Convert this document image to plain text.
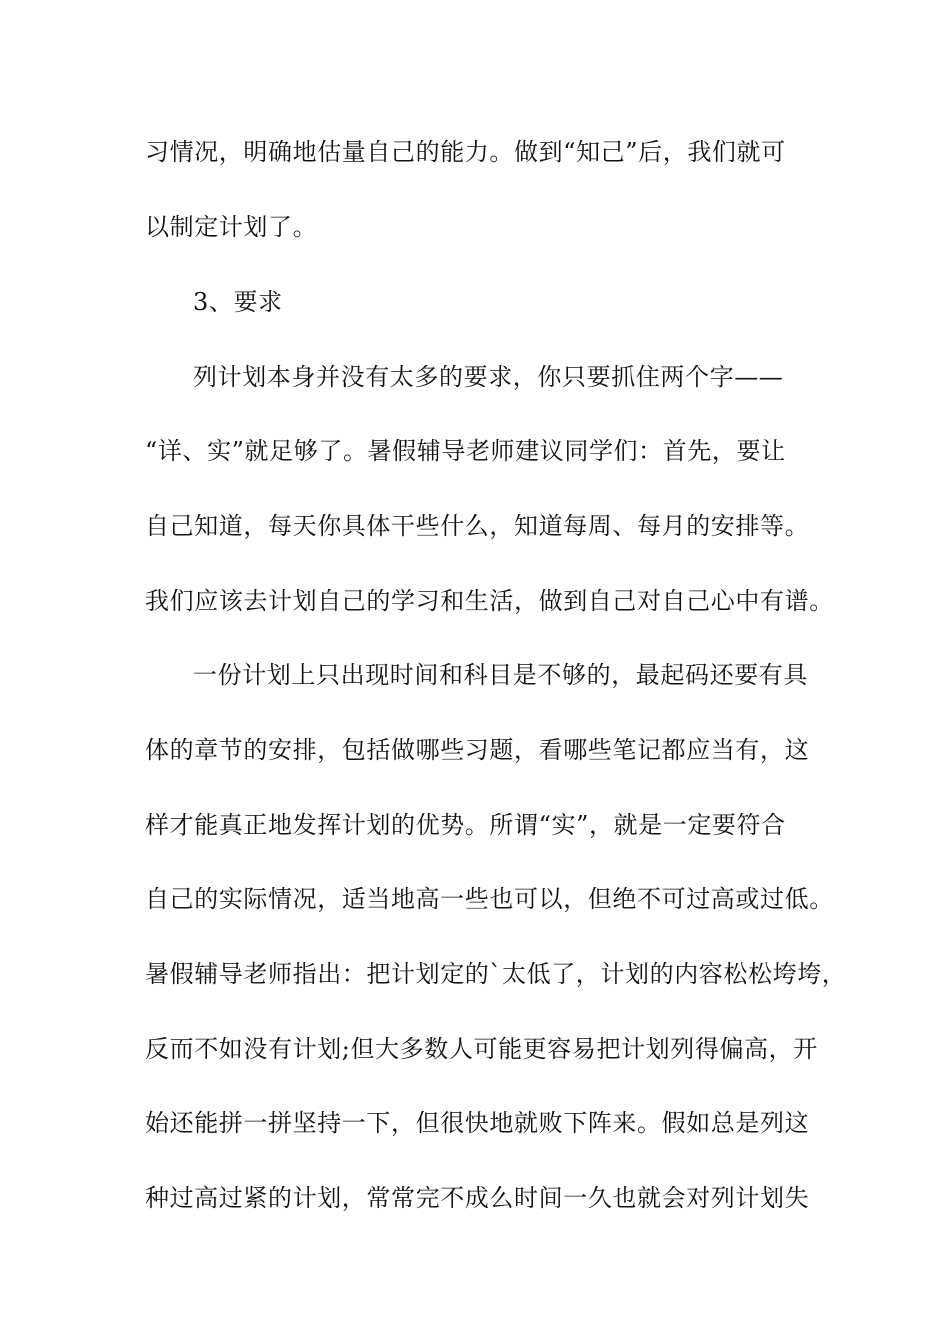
习情况，明确地估量自己的能力。做到“知己”后，我们就可
以制定计划了。
3、要求
列计划本身并没有太多的要求，你只要抓住两个字——
“详、实”就足够了。暑假辅导老师建议同学们：首先，要让
自己知道，每天你具体干些什么，知道每周、每月的安排等。
我们应该去计划自己的学习和生活，做到自己对自己心中有谱。
一份计划上只出现时间和科目是不够的，最起码还要有具
体的章节的安排，包括做哪些习题，看哪些笔记都应当有，这
样才能真正地发挥计划的优势。所谓“实”，就是一定要符合
自己的实际情况，适当地高一些也可以，但绝不可过高或过低。
暑假辅导老师指出：把计划定的`太低了，计划的内容松松垮垮，
反而不如没有计划;但大多数人可能更容易把计划列得偏高，开
始还能拼一拼坚持一下，但很快地就败下阵来。假如总是列这
种过高过紧的计划，常常完不成么时间一久也就会对列计划失
